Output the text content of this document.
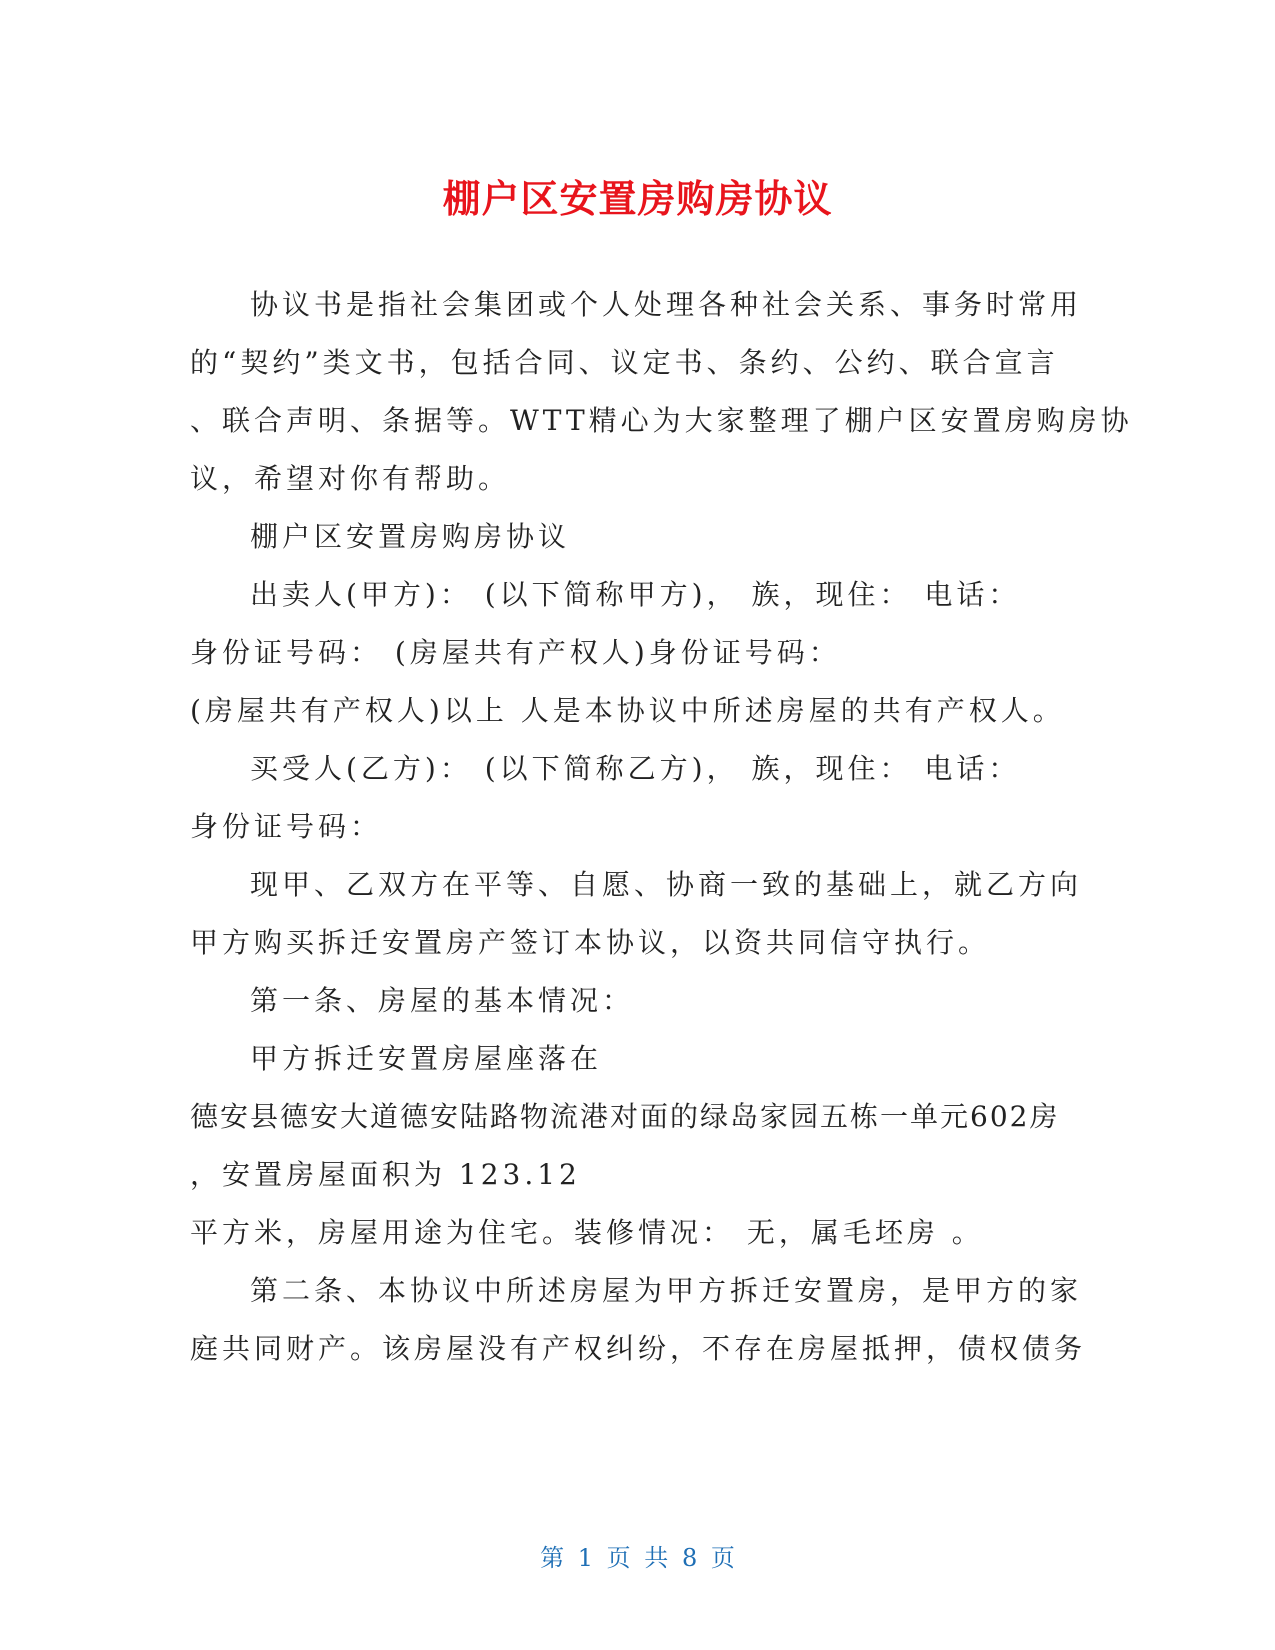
棚户区安置房购房协议
协议书是指社会集团或个人处理各种社会关系、事务时常用
的“契约”类文书，包括合同、议定书、条约、公约、联合宣言
、联合声明、条据等。WTT精心为大家整理了棚户区安置房购房协
议，希望对你有帮助。
棚户区安置房购房协议
出卖人(甲方)： (以下简称甲方)， 族，现住： 电话：
身份证号码： (房屋共有产权人)身份证号码：
(房屋共有产权人)以上 人是本协议中所述房屋的共有产权人。
买受人(乙方)： (以下简称乙方)， 族，现住： 电话：
身份证号码：
现甲、乙双方在平等、自愿、协商一致的基础上，就乙方向
甲方购买拆迁安置房产签订本协议，以资共同信守执行。
第一条、房屋的基本情况：
甲方拆迁安置房屋座落在
德安县德安大道德安陆路物流港对面的绿岛家园五栋一单元602房
，安置房屋面积为 123.12
平方米，房屋用途为住宅。装修情况： 无，属毛坯房 。
第二条、本协议中所述房屋为甲方拆迁安置房，是甲方的家
庭共同财产。该房屋没有产权纠纷，不存在房屋抵押，债权债务
第 1 页 共 8 页
